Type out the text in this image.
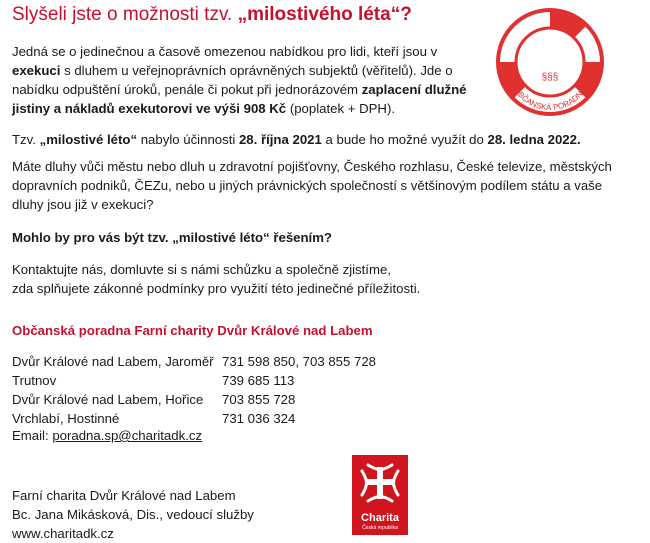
Slyšeli jste o možnosti tzv. „milostivého léta“?
§§§
OBČANSKÁ PORADNA

Jedná se o jedinečnou a časově omezenou nabídkou pro lidi, kteří jsou v exekuci s dluhem u veřejnoprávních oprávněných subjektů (věřitelů). Jde o nabídku odpuštění úroků, penále či pokut při jednorázovém zaplacení dlužné jistiny a nákladů exekutorovi ve výši 908 Kč (poplatek + DPH).

Tzv. „milostivé léto“ nabylo účinnosti 28. října 2021 a bude ho možné využít do 28. ledna 2022.

Máte dluhy vůči městu nebo dluh u zdravotní pojišťovny, Českého rozhlasu, České televize, městských dopravních podniků, ČEZu, nebo u jiných právnických společností s většinovým podílem státu a vaše dluhy jsou již v exekuci?

Mohlo by pro vás být tzv. „milostivé léto“ řešením?

Kontaktujte nás, domluvte si s námi schůzku a společně zjistíme,
zda splňujete zákonné podmínky pro využití této jedinečné příležitosti.

Občanská poradna Farní charity Dvůr Králové nad Labem

Dvůr Králové nad Labem, Jaroměř	731 598 850, 703 855 728
Trutnov	739 685 113
Dvůr Králové nad Labem, Hořice	703 855 728
Vrchlabí, Hostinné	731 036 324
Email: poradna.sp@charitadk.cz
Farní charita Dvůr Králové nad Labem
Bc. Jana Mikásková, Dis., vedoucí služby
www.charitadk.cz
Charita
Česká republika
